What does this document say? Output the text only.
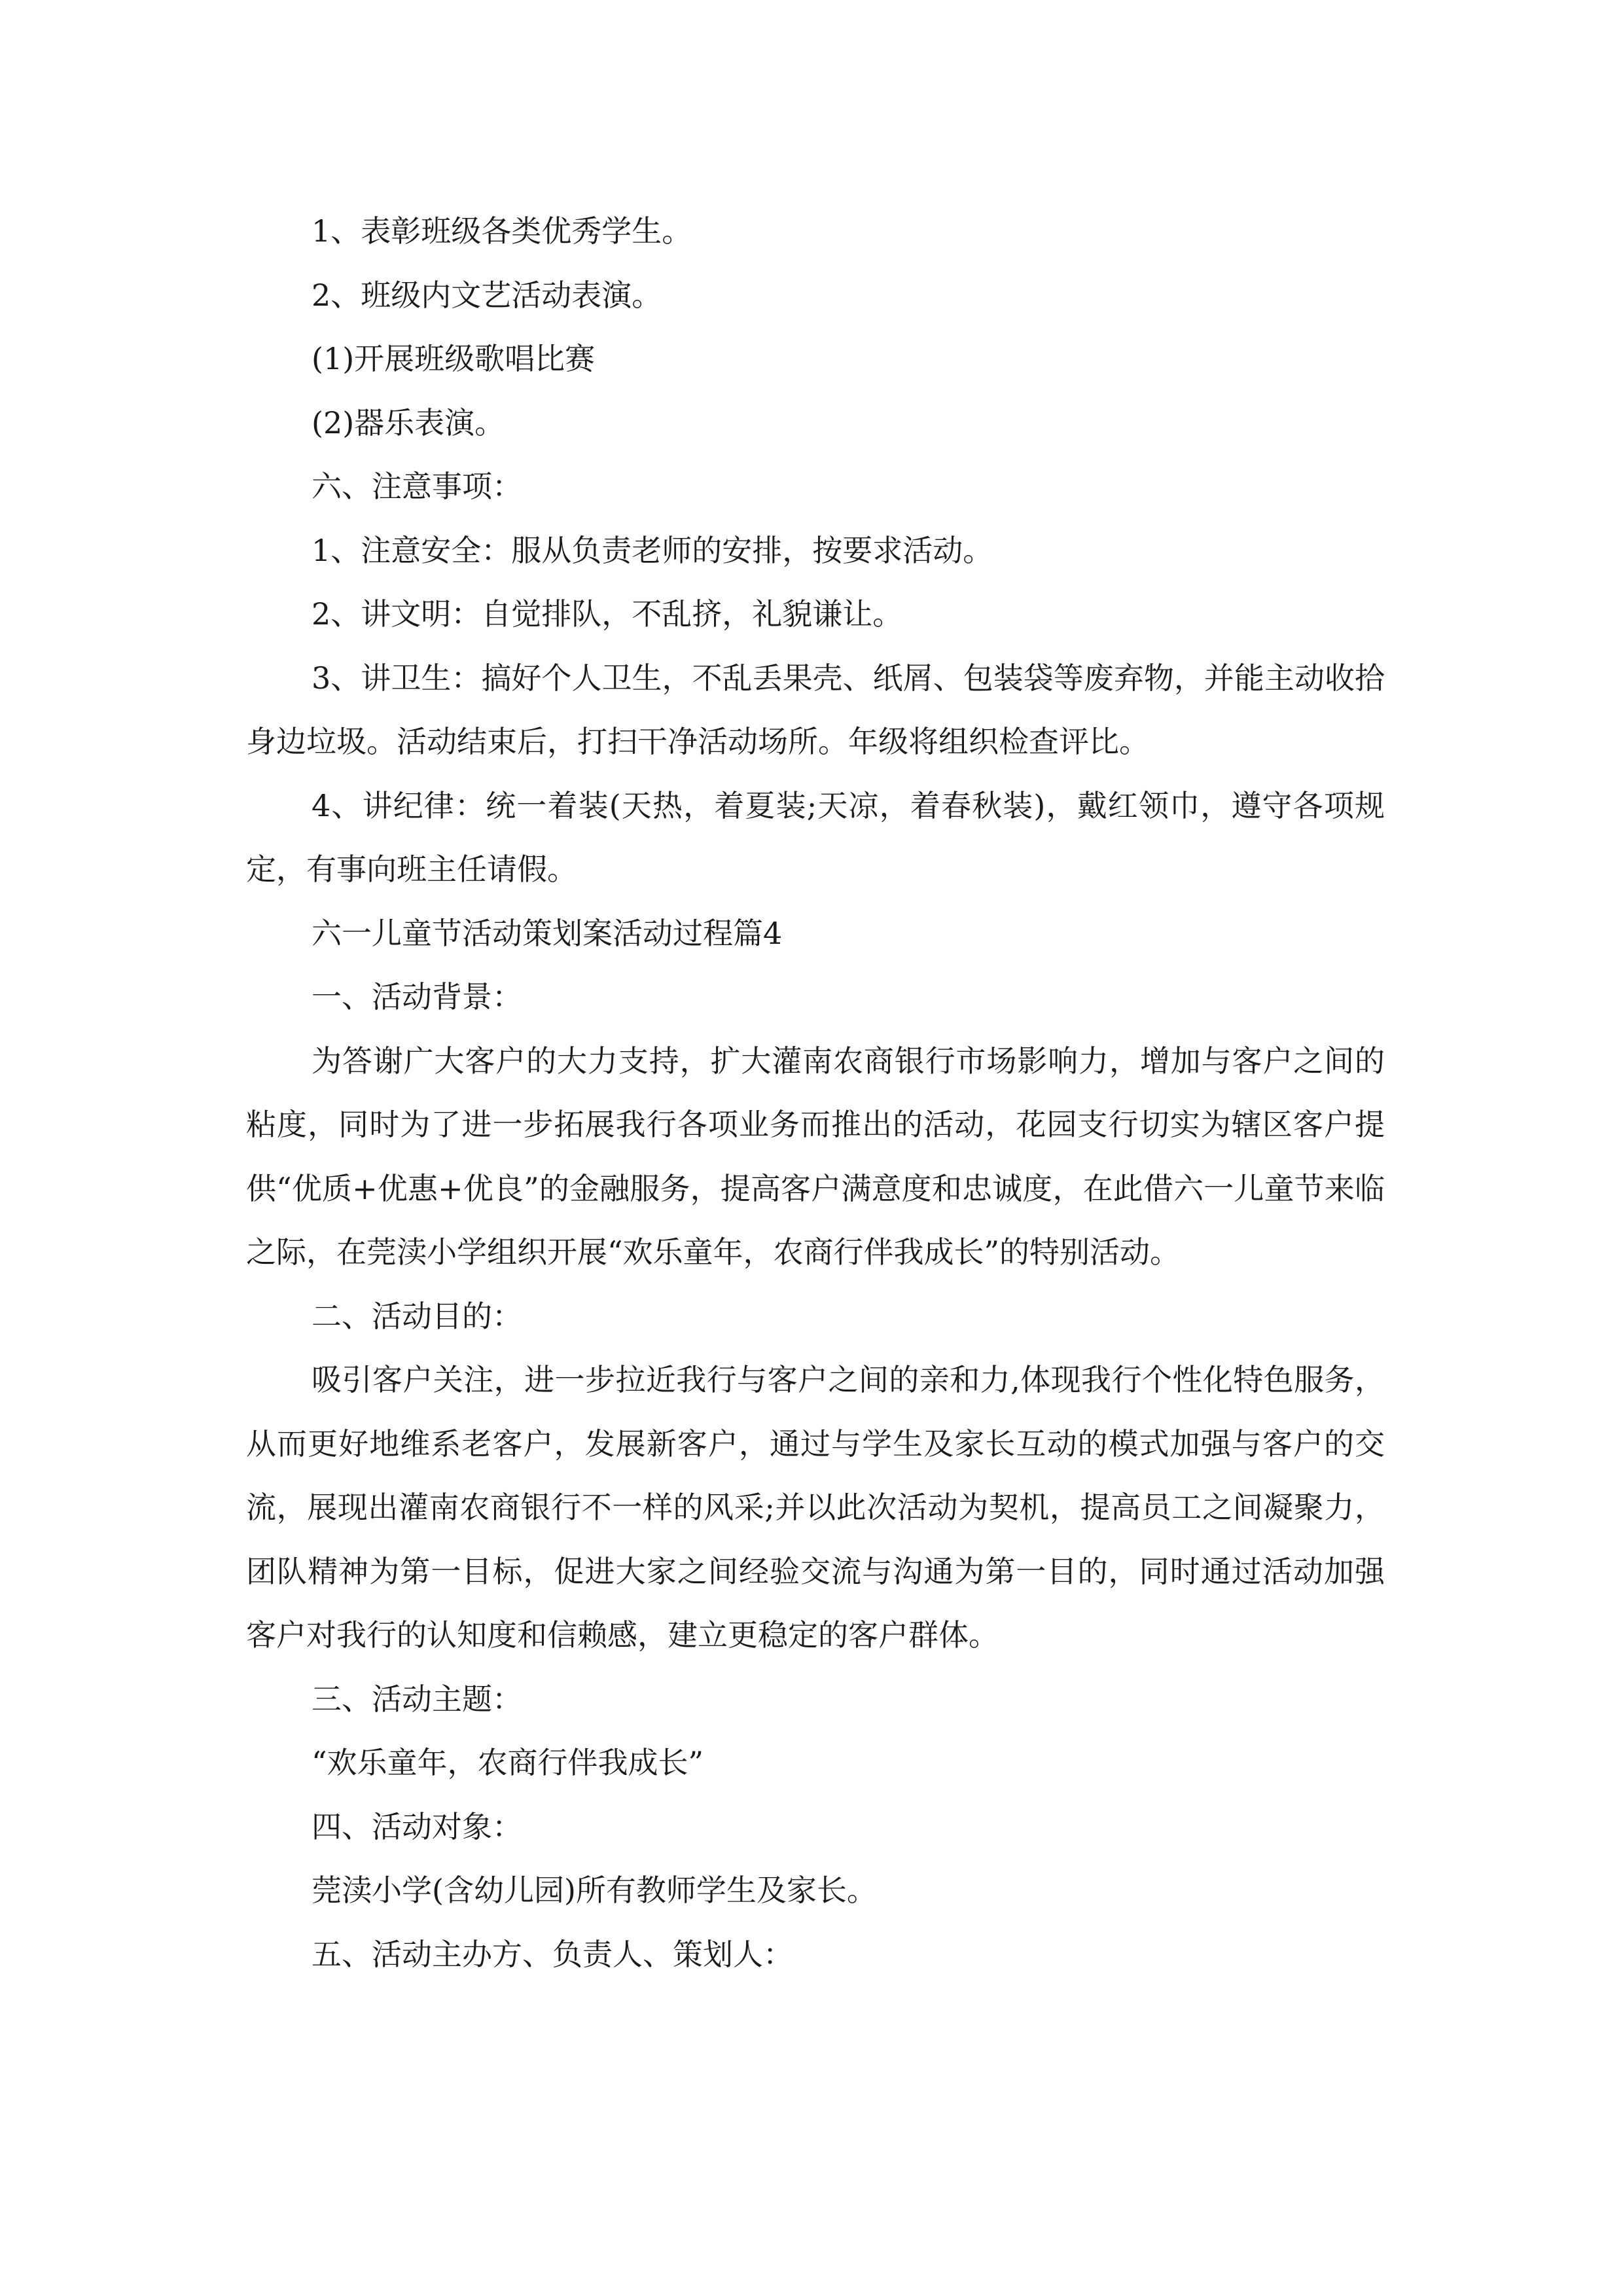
1、表彰班级各类优秀学生。

2、班级内文艺活动表演。

(1)开展班级歌唱比赛

(2)器乐表演。

六、注意事项：

1、注意安全：服从负责老师的安排，按要求活动。

2、讲文明：自觉排队，不乱挤，礼貌谦让。

3、讲卫生：搞好个人卫生，不乱丢果壳、纸屑、包装袋等废弃物，并能主动收拾身边垃圾。活动结束后，打扫干净活动场所。年级将组织检查评比。

4、讲纪律：统一着装(天热，着夏装;天凉，着春秋装)，戴红领巾，遵守各项规定，有事向班主任请假。

六一儿童节活动策划案活动过程篇4

一、活动背景：

为答谢广大客户的大力支持，扩大灌南农商银行市场影响力，增加与客户之间的粘度，同时为了进一步拓展我行各项业务而推出的活动，花园支行切实为辖区客户提供“优质+优惠+优良”的金融服务，提高客户满意度和忠诚度，在此借六一儿童节来临之际，在莞渎小学组织开展“欢乐童年，农商行伴我成长”的特别活动。

二、活动目的：

吸引客户关注，进一步拉近我行与客户之间的亲和力,体现我行个性化特色服务，从而更好地维系老客户，发展新客户，通过与学生及家长互动的模式加强与客户的交流，展现出灌南农商银行不一样的风采;并以此次活动为契机，提高员工之间凝聚力，团队精神为第一目标，促进大家之间经验交流与沟通为第一目的，同时通过活动加强客户对我行的认知度和信赖感，建立更稳定的客户群体。

三、活动主题：

“欢乐童年，农商行伴我成长”

四、活动对象：

莞渎小学(含幼儿园)所有教师学生及家长。

五、活动主办方、负责人、策划人：
